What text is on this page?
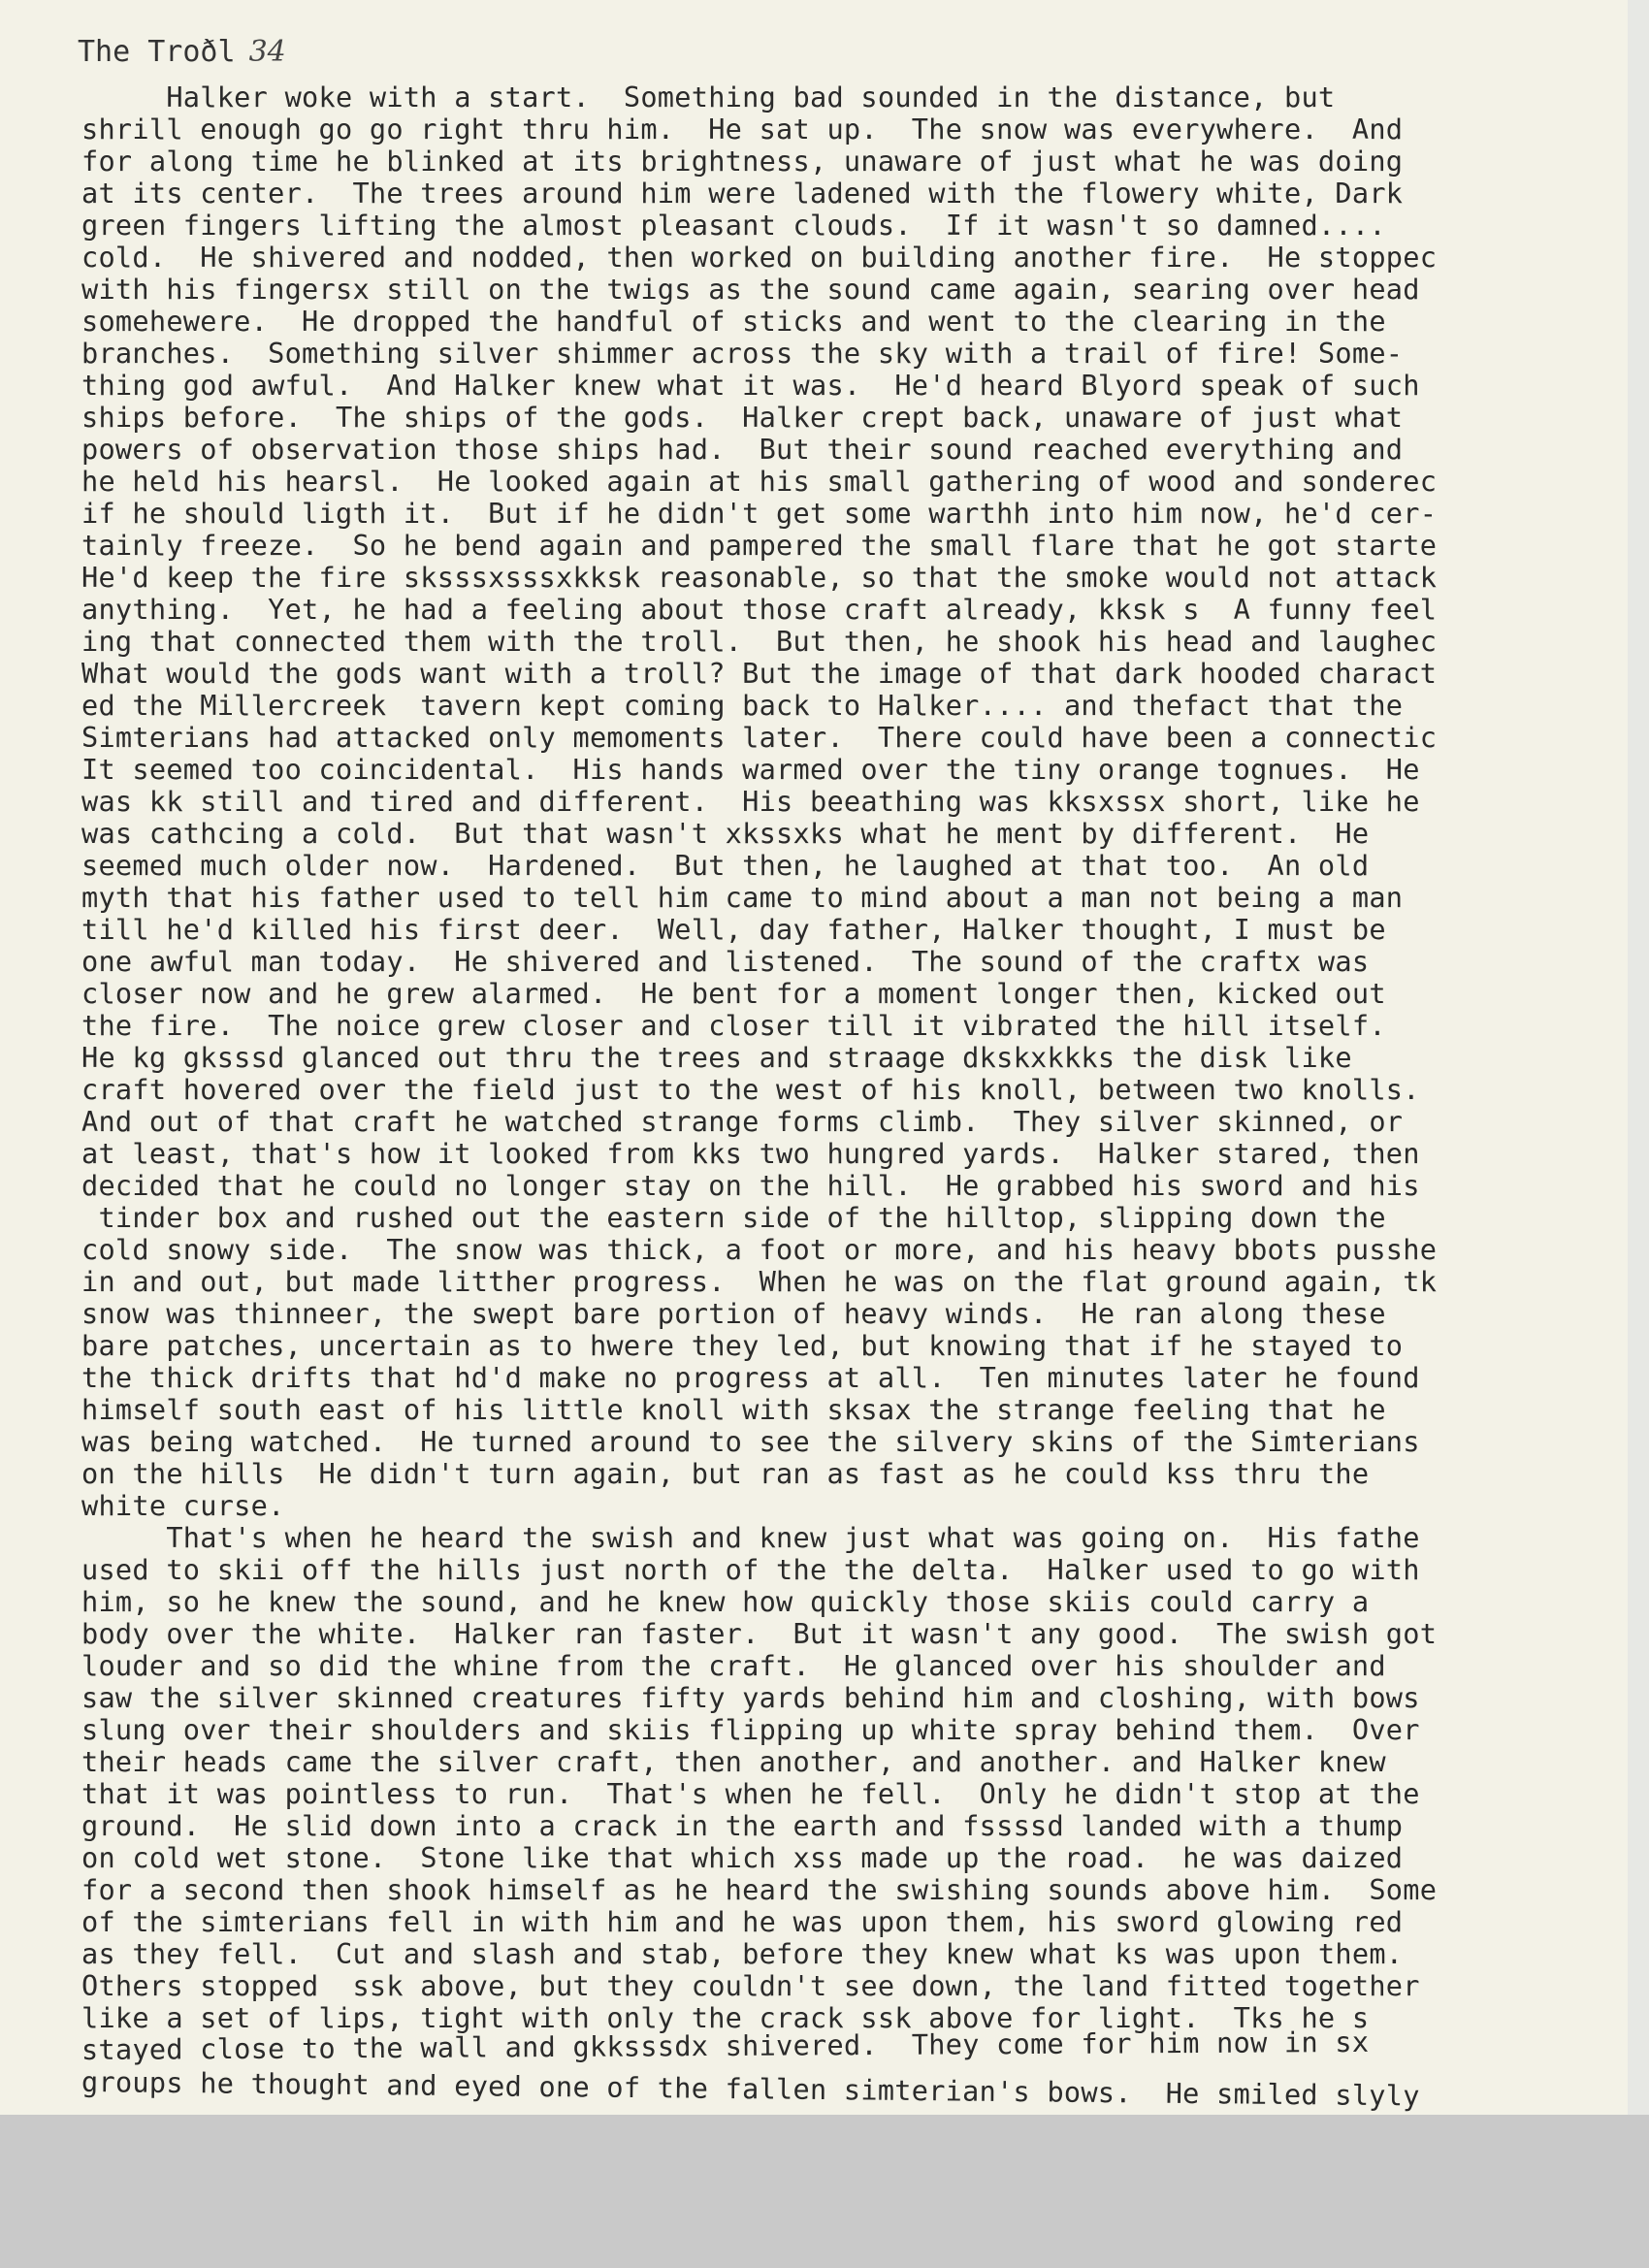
The Troðl 34
Halker woke with a start.  Something bad sounded in the distance, but
shrill enough go go right thru him.  He sat up.  The snow was everywhere.  And
for along time he blinked at its brightness, unaware of just what he was doing
at its center.  The trees around him were ladened with the flowery white, Dark
green fingers lifting the almost pleasant clouds.  If it wasn't so damned....
cold.  He shivered and nodded, then worked on building another fire.  He stoppec
with his fingersx still on the twigs as the sound came again, searing over head
somehewere.  He dropped the handful of sticks and went to the clearing in the
branches.  Something silver shimmer across the sky with a trail of fire! Some-
thing god awful.  And Halker knew what it was.  He'd heard Blyord speak of such
ships before.  The ships of the gods.  Halker crept back, unaware of just what
powers of observation those ships had.  But their sound reached everything and
he held his hearsl.  He looked again at his small gathering of wood and sonderec
if he should ligth it.  But if he didn't get some warthh into him now, he'd cer-
tainly freeze.  So he bend again and pampered the small flare that he got starte
He'd keep the fire sksssxsssxkksk reasonable, so that the smoke would not attack
anything.  Yet, he had a feeling about those craft already, kksk s  A funny feel
ing that connected them with the troll.  But then, he shook his head and laughec
What would the gods want with a troll? But the image of that dark hooded charact
ed the Millercreek  tavern kept coming back to Halker.... and thefact that the
Simterians had attacked only memoments later.  There could have been a connectic
It seemed too coincidental.  His hands warmed over the tiny orange tognues.  He
was kk still and tired and different.  His beeathing was kksxssx short, like he
was cathcing a cold.  But that wasn't xkssxks what he ment by different.  He
seemed much older now.  Hardened.  But then, he laughed at that too.  An old
myth that his father used to tell him came to mind about a man not being a man
till he'd killed his first deer.  Well, day father, Halker thought, I must be
one awful man today.  He shivered and listened.  The sound of the craftx was
closer now and he grew alarmed.  He bent for a moment longer then, kicked out
the fire.  The noice grew closer and closer till it vibrated the hill itself.
He kg gksssd glanced out thru the trees and straage dkskxkkks the disk like
craft hovered over the field just to the west of his knoll, between two knolls.
And out of that craft he watched strange forms climb.  They silver skinned, or
at least, that's how it looked from kks two hungred yards.  Halker stared, then
decided that he could no longer stay on the hill.  He grabbed his sword and his
tinder box and rushed out the eastern side of the hilltop, slipping down the
cold snowy side.  The snow was thick, a foot or more, and his heavy bbots pusshe
in and out, but made litther progress.  When he was on the flat ground again, tk
snow was thinneer, the swept bare portion of heavy winds.  He ran along these
bare patches, uncertain as to hwere they led, but knowing that if he stayed to
the thick drifts that hd'd make no progress at all.  Ten minutes later he found
himself south east of his little knoll with sksax the strange feeling that he
was being watched.  He turned around to see the silvery skins of the Simterians
on the hills  He didn't turn again, but ran as fast as he could kss thru the
white curse.
That's when he heard the swish and knew just what was going on.  His fathe
used to skii off the hills just north of the the delta.  Halker used to go with
him, so he knew the sound, and he knew how quickly those skiis could carry a
body over the white.  Halker ran faster.  But it wasn't any good.  The swish got
louder and so did the whine from the craft.  He glanced over his shoulder and
saw the silver skinned creatures fifty yards behind him and closhing, with bows
slung over their shoulders and skiis flipping up white spray behind them.  Over
their heads came the silver craft, then another, and another. and Halker knew
that it was pointless to run.  That's when he fell.  Only he didn't stop at the
ground.  He slid down into a crack in the earth and fssssd landed with a thump
on cold wet stone.  Stone like that which xss made up the road.  he was daized
for a second then shook himself as he heard the swishing sounds above him.  Some
of the simterians fell in with him and he was upon them, his sword glowing red
as they fell.  Cut and slash and stab, before they knew what ks was upon them.
Others stopped  ssk above, but they couldn't see down, the land fitted together
like a set of lips, tight with only the crack ssk above for light.  Tks he s
stayed close to the wall and gkksssdx shivered.  They come for him now in sx
groups he thought and eyed one of the fallen simterian's bows.  He smiled slyly
